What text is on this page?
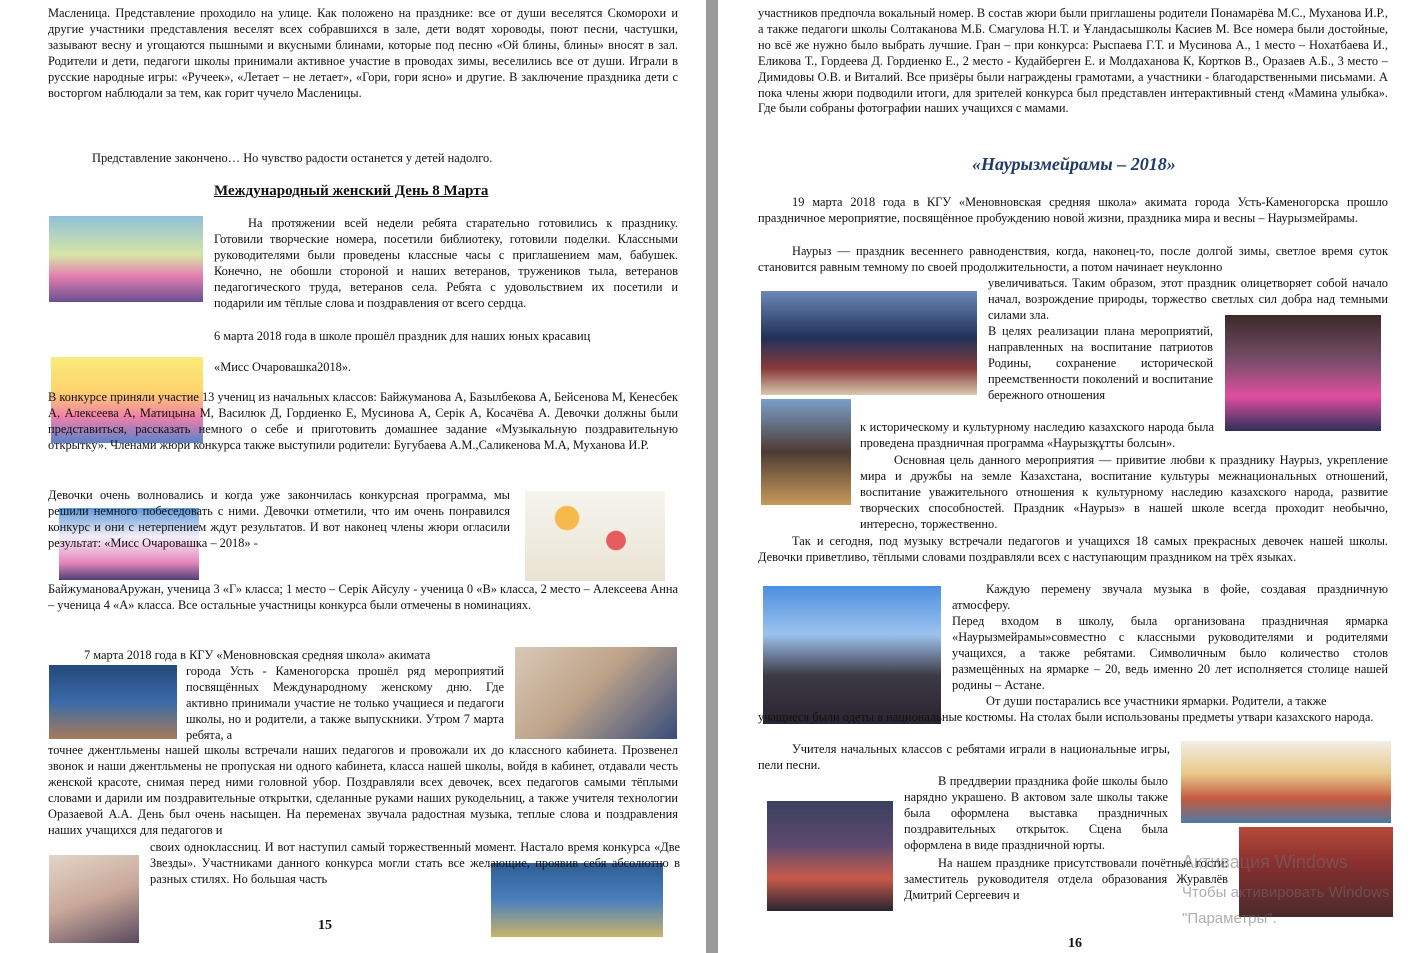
Масленица. Представление проходило на улице. Как положено на празднике: все от души веселятся Скоморохи и другие участники представления веселят всех собравшихся в зале, дети водят хороводы, поют песни, частушки, зазывают весну и угощаются пышными и вкусными блинами, которые под песню «Ой блины, блины» вносят в зал. Родители и дети, педагоги школы принимали активное участие в проводах зимы, веселились все от души. Играли в русские народные игры: «Ручеек», «Летает – не летает», «Гори, гори ясно» и другие. В заключение праздника дети с восторгом наблюдали за тем, как горит чучело Масленицы.

Представление закончено… Но чувство радости останется у детей надолго.

Международный женский День 8 Марта

На протяжении всей недели ребята старательно готовились к празднику. Готовили творческие номера, посетили библиотеку, готовили поделки. Классными руководителями были проведены классные часы с приглашением мам, бабушек. Конечно, не обошли стороной и наших ветеранов, тружеников тыла, ветеранов педагогического труда, ветеранов села. Ребята с удовольствием их посетили и подарили им тёплые слова и поздравления от всего сердца.

6 марта 2018 года в школе прошёл праздник для наших юных красавиц

«Мисс Очаровашка2018».

В конкурсе приняли участие 13 учениц из начальных классов: Байжуманова А, Базылбекова А, Бейсенова М, Кенесбек А, Алексеева А, Матицына М, Василюк Д, Гордиенко Е, Мусинова А, Серік А, Косачёва А. Девочки должны были представиться, рассказать немного о себе и приготовить домашнее задание «Музыкальную поздравительную открытку». Членами жюри конкурса также выступили родители: Бугубаева А.М.,Саликенова М.А, Муханова И.Р.

Девочки очень волновались и когда уже закончилась конкурсная программа, мы решили немного побеседовать с ними. Девочки отметили, что им очень понравился конкурс и они с нетерпением ждут результатов. И вот наконец члены жюри огласили результат: «Мисс Очаровашка – 2018» -

БайжумановаАружан, ученица 3 «Г» класса; 1 место – Серік Айсулу - ученица 0 «В» класса, 2 место – Алексеева Анна – ученица 4 «А» класса. Все остальные участницы конкурса были отмечены в номинациях.

7 марта 2018 года в КГУ «Меновновская средняя школа» акимата

города Усть - Каменогорска прошёл ряд мероприятий посвящённых Международному женскому дню. Где активно принимали участие не только учащиеся и педагоги школы, но и родители, а также выпускники. Утром 7 марта ребята, а

точнее джентльмены нашей школы встречали наших педагогов и провожали их до классного кабинета. Прозвенел звонок и наши джентльмены не пропуская ни одного кабинета, класса нашей школы, войдя в кабинет, отдавали честь женской красоте, снимая перед ними головной убор. Поздравляли всех девочек, всех педагогов самыми тёплыми словами и дарили им поздравительные открытки, сделанные руками наших рукодельниц, а также учителя технологии Оразаевой А.А. День был очень насыщен. На переменах звучала радостная музыка, теплые слова и поздравления наших учащихся для педагогов и

своих одноклассниц. И вот наступил самый торжественный момент. Настало время конкурса «Две Звезды». Участниками данного конкурса могли стать все желающие, проявив себя абсолютно в разных стилях. Но большая часть

15

участников предпочла вокальный номер. В состав жюри были приглашены родители Понамарёва М.С., Муханова И.Р., а также педагоги школы Солтаканова М.Б. Смагулова Н.Т. и Ұландасышколы Касиев М. Все номера были достойные, но всё же нужно было выбрать лучшие. Гран – при конкурса: Рыспаева Г.Т. и Мусинова А., 1 место – Нохатбаева И., Еликова Т., Гордеева Д. Гордиенко Е., 2 место - Кудайберген Е. и Молдаханова К, Кортков В., Оразаев А.Б., 3 место – Димидовы О.В. и Виталий. Все призёры были награждены грамотами, а участники - благодарственными письмами. А пока члены жюри подводили итоги, для зрителей конкурса был представлен интерактивный стенд «Мамина улыбка». Где были собраны фотографии наших учащихся с мамами.

«Наурызмейрамы – 2018»

19 марта 2018 года в КГУ «Меновновская средняя школа» акимата города Усть-Каменогорска прошло праздничное мероприятие, посвящённое пробуждению новой жизни, праздника мира и весны – Наурызмейрамы.

Наурыз — праздник весеннего равноденствия, когда, наконец-то, после долгой зимы, светлое время суток становится равным темному по своей продолжительности, а потом начинает неуклонно

увеличиваться. Таким образом, этот праздник олицетворяет собой начало начал, возрождение природы, торжество светлых сил добра над темными силами зла.

В целях реализации плана мероприятий, направленных на воспитание патриотов Родины, сохранение исторической преемственности поколений и воспитание бережного отношения

к историческому и культурному наследию казахского народа была проведена праздничная программа «Наурызқұтты болсын».

Основная цель данного мероприятия — привитие любви к празднику Наурыз, укрепление мира и дружбы на земле Казахстана, воспитание культуры межнациональных отношений, воспитание уважительного отношения к культурному наследию казахского народа, развитие творческих способностей. Праздник «Наурыз» в нашей школе всегда проходит необычно, интересно, торжественно.

Так и сегодня, под музыку встречали педагогов и учащихся 18 самых прекрасных девочек нашей школы. Девочки приветливо, тёплыми словами поздравляли всех с наступающим праздником на трёх языках.

Каждую перемену звучала музыка в фойе, создавая праздничную атмосферу.

Перед входом в школу, была организована праздничная ярмарка «Наурызмейрамы»совместно с классными руководителями и родителями учащихся, а также ребятами. Символичным было количество столов размещённых на ярмарке – 20, ведь именно 20 лет исполняется столице нашей родины – Астане.

От души постарались все участники ярмарки. Родители, а также

учащиеся были одеты в национальные костюмы. На столах были использованы предметы утвари казахского народа.

Учителя начальных классов с ребятами играли в национальные игры, пели песни.

В преддверии праздника фойе школы было нарядно украшено. В актовом зале школы также была оформлена выставка праздничных поздравительных открыток. Сцена была оформлена в виде праздничной юрты.

На нашем празднике присутствовали почётные гости: заместитель руководителя отдела образования Журавлёв Дмитрий Сергеевич и

16
Активация Windows
Чтобы активировать Windows
"Параметры".
